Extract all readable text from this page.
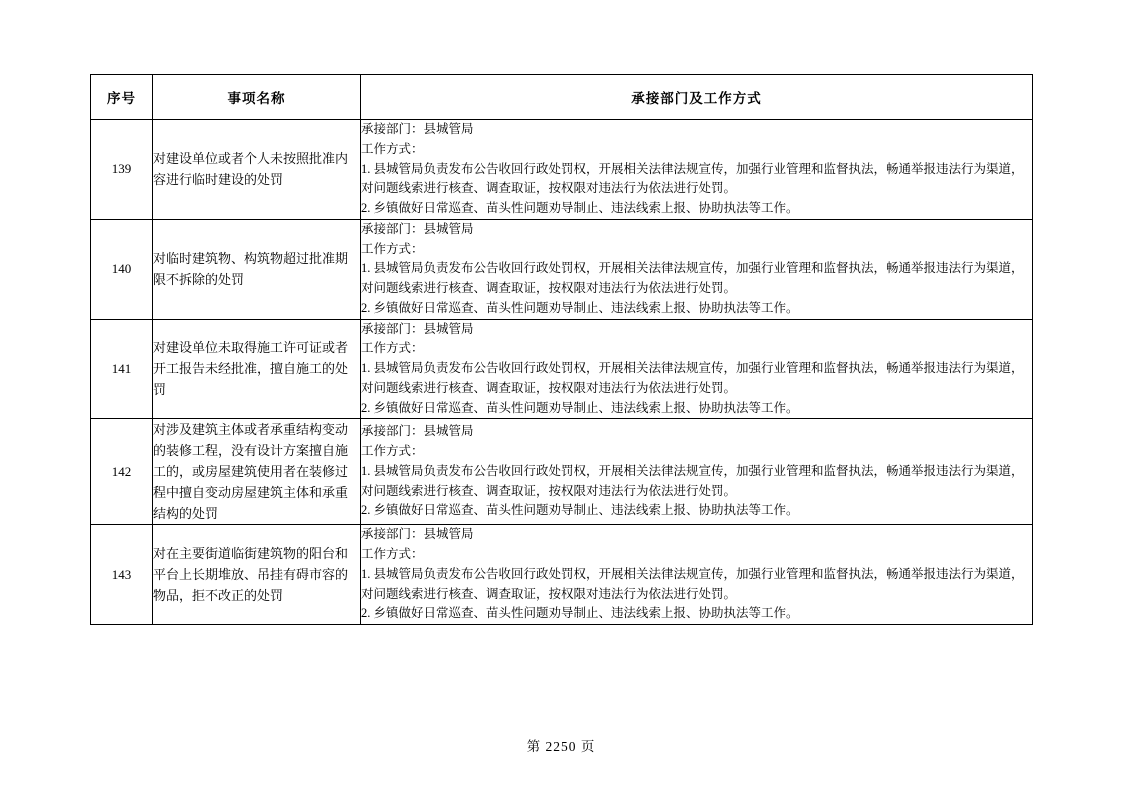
序号	事项名称	承接部门及工作方式
139	对建设单位或者个人未按照批准内容进行临时建设的处罚	承接部门：县城管局
工作方式：
1. 县城管局负责发布公告收回行政处罚权，开展相关法律法规宣传，加强行业管理和监督执法，畅通举报违法行为渠道，对问题线索进行核查、调查取证，按权限对违法行为依法进行处罚。
2. 乡镇做好日常巡查、苗头性问题劝导制止、违法线索上报、协助执法等工作。

140	对临时建筑物、构筑物超过批准期限不拆除的处罚	承接部门：县城管局
工作方式：
1. 县城管局负责发布公告收回行政处罚权，开展相关法律法规宣传，加强行业管理和监督执法，畅通举报违法行为渠道，对问题线索进行核查、调查取证，按权限对违法行为依法进行处罚。
2. 乡镇做好日常巡查、苗头性问题劝导制止、违法线索上报、协助执法等工作。

141	对建设单位未取得施工许可证或者开工报告未经批准，擅自施工的处罚	承接部门：县城管局
工作方式：
1. 县城管局负责发布公告收回行政处罚权，开展相关法律法规宣传，加强行业管理和监督执法，畅通举报违法行为渠道，对问题线索进行核查、调查取证，按权限对违法行为依法进行处罚。
2. 乡镇做好日常巡查、苗头性问题劝导制止、违法线索上报、协助执法等工作。

142	对涉及建筑主体或者承重结构变动的装修工程，没有设计方案擅自施工的，或房屋建筑使用者在装修过程中擅自变动房屋建筑主体和承重结构的处罚	承接部门：县城管局
工作方式：
1. 县城管局负责发布公告收回行政处罚权，开展相关法律法规宣传，加强行业管理和监督执法，畅通举报违法行为渠道，对问题线索进行核查、调查取证，按权限对违法行为依法进行处罚。
2. 乡镇做好日常巡查、苗头性问题劝导制止、违法线索上报、协助执法等工作。

143	对在主要街道临街建筑物的阳台和平台上长期堆放、吊挂有碍市容的物品，拒不改正的处罚	承接部门：县城管局
工作方式：
1. 县城管局负责发布公告收回行政处罚权，开展相关法律法规宣传，加强行业管理和监督执法，畅通举报违法行为渠道，对问题线索进行核查、调查取证，按权限对违法行为依法进行处罚。
2. 乡镇做好日常巡查、苗头性问题劝导制止、违法线索上报、协助执法等工作。
第 2250 页
